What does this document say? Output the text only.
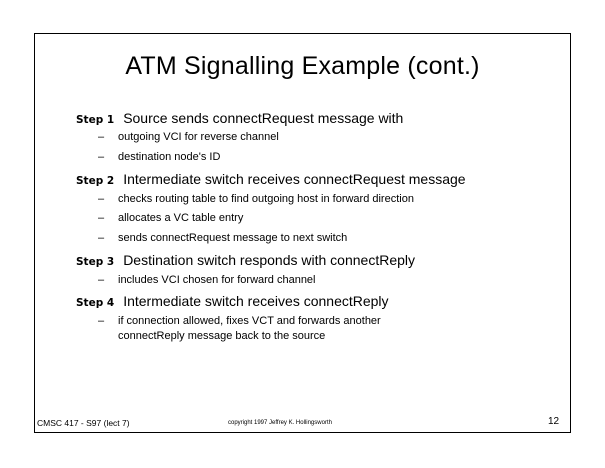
ATM Signalling Example (cont.)
Step 1 Source sends connectRequest message with
– outgoing VCI for reverse channel
– destination node's ID
Step 2 Intermediate switch receives connectRequest message
– checks routing table to find outgoing host in forward direction
– allocates a VC table entry
– sends connectRequest message to next switch
Step 3 Destination switch responds with connectReply
– includes VCI chosen for forward channel
Step 4 Intermediate switch receives connectReply
– if connection allowed, fixes VCT and forwards another
connectReply message back to the source
CMSC 417 - S97 (lect 7)	copyright 1997 Jeffrey K. Hollingsworth	12
